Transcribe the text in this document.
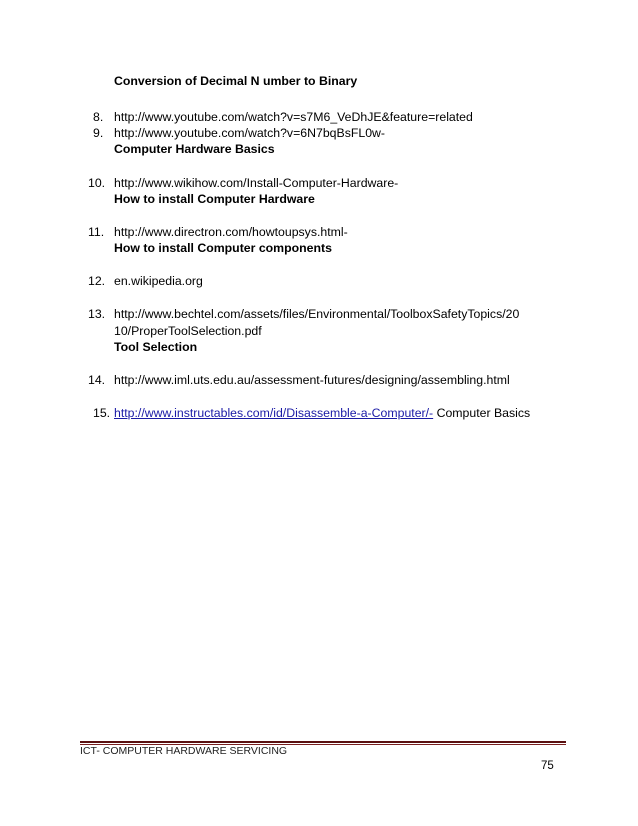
Conversion of Decimal N umber to Binary
8. http://www.youtube.com/watch?v=s7M6_VeDhJE&feature=related
9. http://www.youtube.com/watch?v=6N7bqBsFL0w-
Computer Hardware Basics
10. http://www.wikihow.com/Install-Computer-Hardware-
How to install Computer Hardware
11. http://www.directron.com/howtoupsys.html-
How to install Computer components
12. en.wikipedia.org
13. http://www.bechtel.com/assets/files/Environmental/ToolboxSafetyTopics/20
10/ProperToolSelection.pdf
Tool Selection
14. http://www.iml.uts.edu.au/assessment-futures/designing/assembling.html
15. http://www.instructables.com/id/Disassemble-a-Computer/- Computer Basics
ICT- COMPUTER HARDWARE SERVICING
75
